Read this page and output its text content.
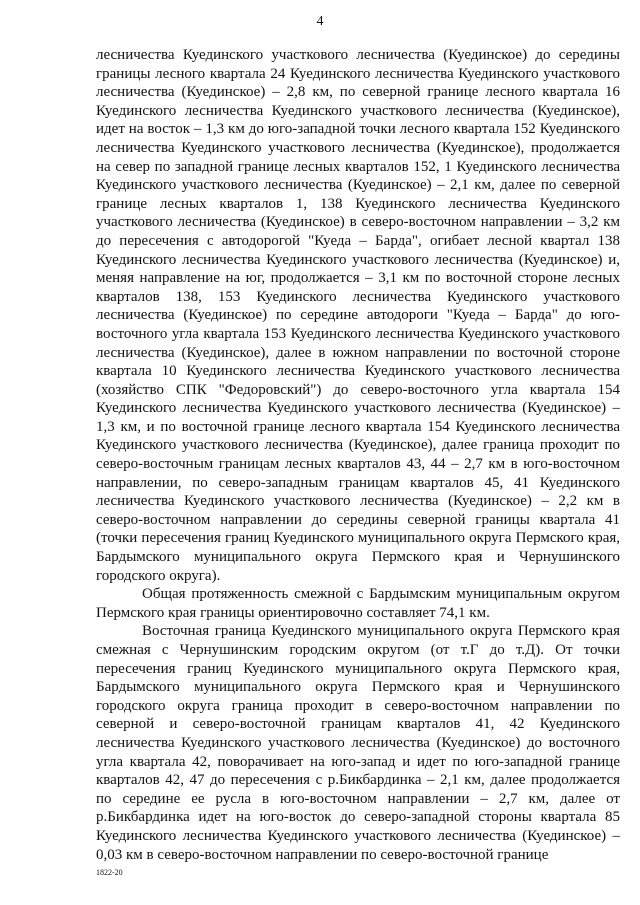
4

лесничества Куединского участкового лесничества (Куединское) до середины границы лесного квартала 24 Куединского лесничества Куединского участкового лесничества (Куединское) – 2,8 км, по северной границе лесного квартала 16 Куединского лесничества Куединского участкового лесничества (Куединское), идет на восток – 1,3 км до юго-западной точки лесного квартала 152 Куединского лесничества Куединского участкового лесничества (Куединское), продолжается на север по западной границе лесных кварталов 152, 1 Куединского лесничества Куединского участкового лесничества (Куединское) – 2,1 км, далее по северной границе лесных кварталов 1, 138 Куединского лесничества Куединского участкового лесничества (Куединское) в северо-восточном направлении – 3,2 км до пересечения с автодорогой "Куеда – Барда", огибает лесной квартал 138 Куединского лесничества Куединского участкового лесничества (Куединское) и, меняя направление на юг, продолжается – 3,1 км по восточной стороне лесных кварталов 138, 153 Куединского лесничества Куединского участкового лесничества (Куединское) по середине автодороги "Куеда – Барда" до юго-восточного угла квартала 153 Куединского лесничества Куединского участкового лесничества (Куединское), далее в южном направлении по восточной стороне квартала 10 Куединского лесничества Куединского участкового лесничества (хозяйство СПК "Федоровский") до северо-восточного угла квартала 154 Куединского лесничества Куединского участкового лесничества (Куединское) – 1,3 км, и по восточной границе лесного квартала 154 Куединского лесничества Куединского участкового лесничества (Куединское), далее граница проходит по северо-восточным границам лесных кварталов 43, 44 – 2,7 км в юго-восточном направлении, по северо-западным границам кварталов 45, 41 Куединского лесничества Куединского участкового лесничества (Куединское) – 2,2 км в северо-восточном направлении до середины северной границы квартала 41 (точки пересечения границ Куединского муниципального округа Пермского края, Бардымского муниципального округа Пермского края и Чернушинского городского округа).

Общая протяженность смежной с Бардымским муниципальным округом Пермского края границы ориентировочно составляет 74,1 км.

Восточная граница Куединского муниципального округа Пермского края смежная с Чернушинским городским округом (от т.Г до т.Д). От точки пересечения границ Куединского муниципального округа Пермского края, Бардымского муниципального округа Пермского края и Чернушинского городского округа граница проходит в северо-восточном направлении по северной и северо-восточной границам кварталов 41, 42 Куединского лесничества Куединского участкового лесничества (Куединское) до восточного угла квартала 42, поворачивает на юго-запад и идет по юго-западной границе кварталов 42, 47 до пересечения с р.Бикбардинка – 2,1 км, далее продолжается по середине ее русла в юго-восточном направлении – 2,7 км, далее от р.Бикбардинка идет на юго-восток до северо-западной стороны квартала 85 Куединского лесничества Куединского участкового лесничества (Куединское) – 0,03 км в северо-восточном направлении по северо-восточной границе

1822-20
